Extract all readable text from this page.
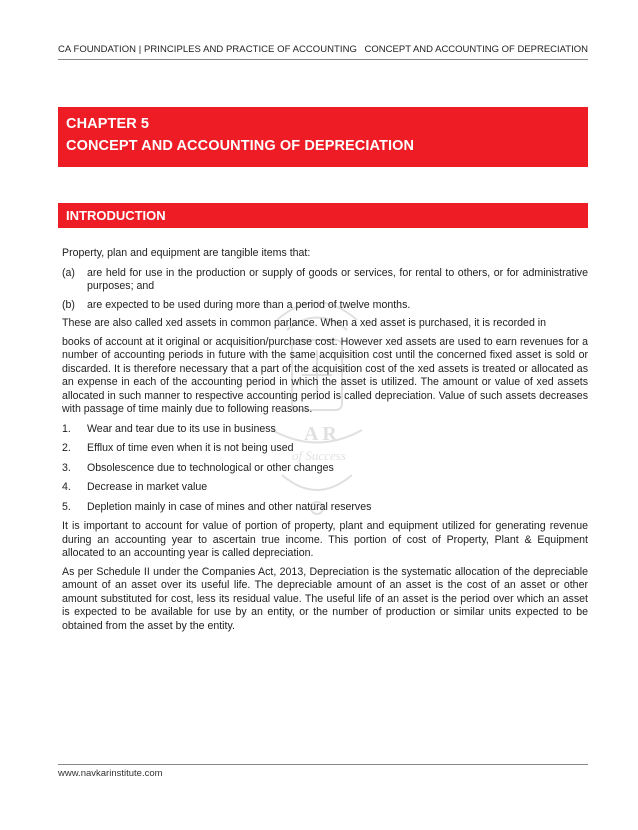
CA FOUNDATION | PRINCIPLES AND PRACTICE OF ACCOUNTING CONCEPT AND ACCOUNTING OF DEPRECIATION
CHAPTER 5
CONCEPT AND ACCOUNTING OF DEPRECIATION
INTRODUCTION
A R
of Success

Property, plan and equipment are tangible items that:

(a) are held for use in the production or supply of goods or services, for rental to others, or for administrative purposes; and
(b) are expected to be used during more than a period of twelve months.

These are also called xed assets in common parlance. When a xed asset is purchased, it is recorded in

books of account at it original or acquisition/purchase cost. However xed assets are used to earn revenues for a number of accounting periods in future with the same acquisition cost until the concerned fixed asset is sold or discarded. It is therefore necessary that a part of the acquisition cost of the xed assets is treated or allocated as an expense in each of the accounting period in which the asset is utilized. The amount or value of xed assets allocated in such manner to respective accounting period is called depreciation. Value of such assets decreases with passage of time mainly due to following reasons.

1. Wear and tear due to its use in business
2. Efflux of time even when it is not being used
3. Obsolescence due to technological or other changes
4. Decrease in market value
5. Depletion mainly in case of mines and other natural reserves

It is important to account for value of portion of property, plant and equipment utilized for generating revenue during an accounting year to ascertain true income. This portion of cost of Property, Plant & Equipment allocated to an accounting year is called depreciation.

As per Schedule II under the Companies Act, 2013, Depreciation is the systematic allocation of the depreciable amount of an asset over its useful life. The depreciable amount of an asset is the cost of an asset or other amount substituted for cost, less its residual value. The useful life of an asset is the period over which an asset is expected to be available for use by an entity, or the number of production or similar units expected to be obtained from the asset by the entity.

www.navkarinstitute.com
